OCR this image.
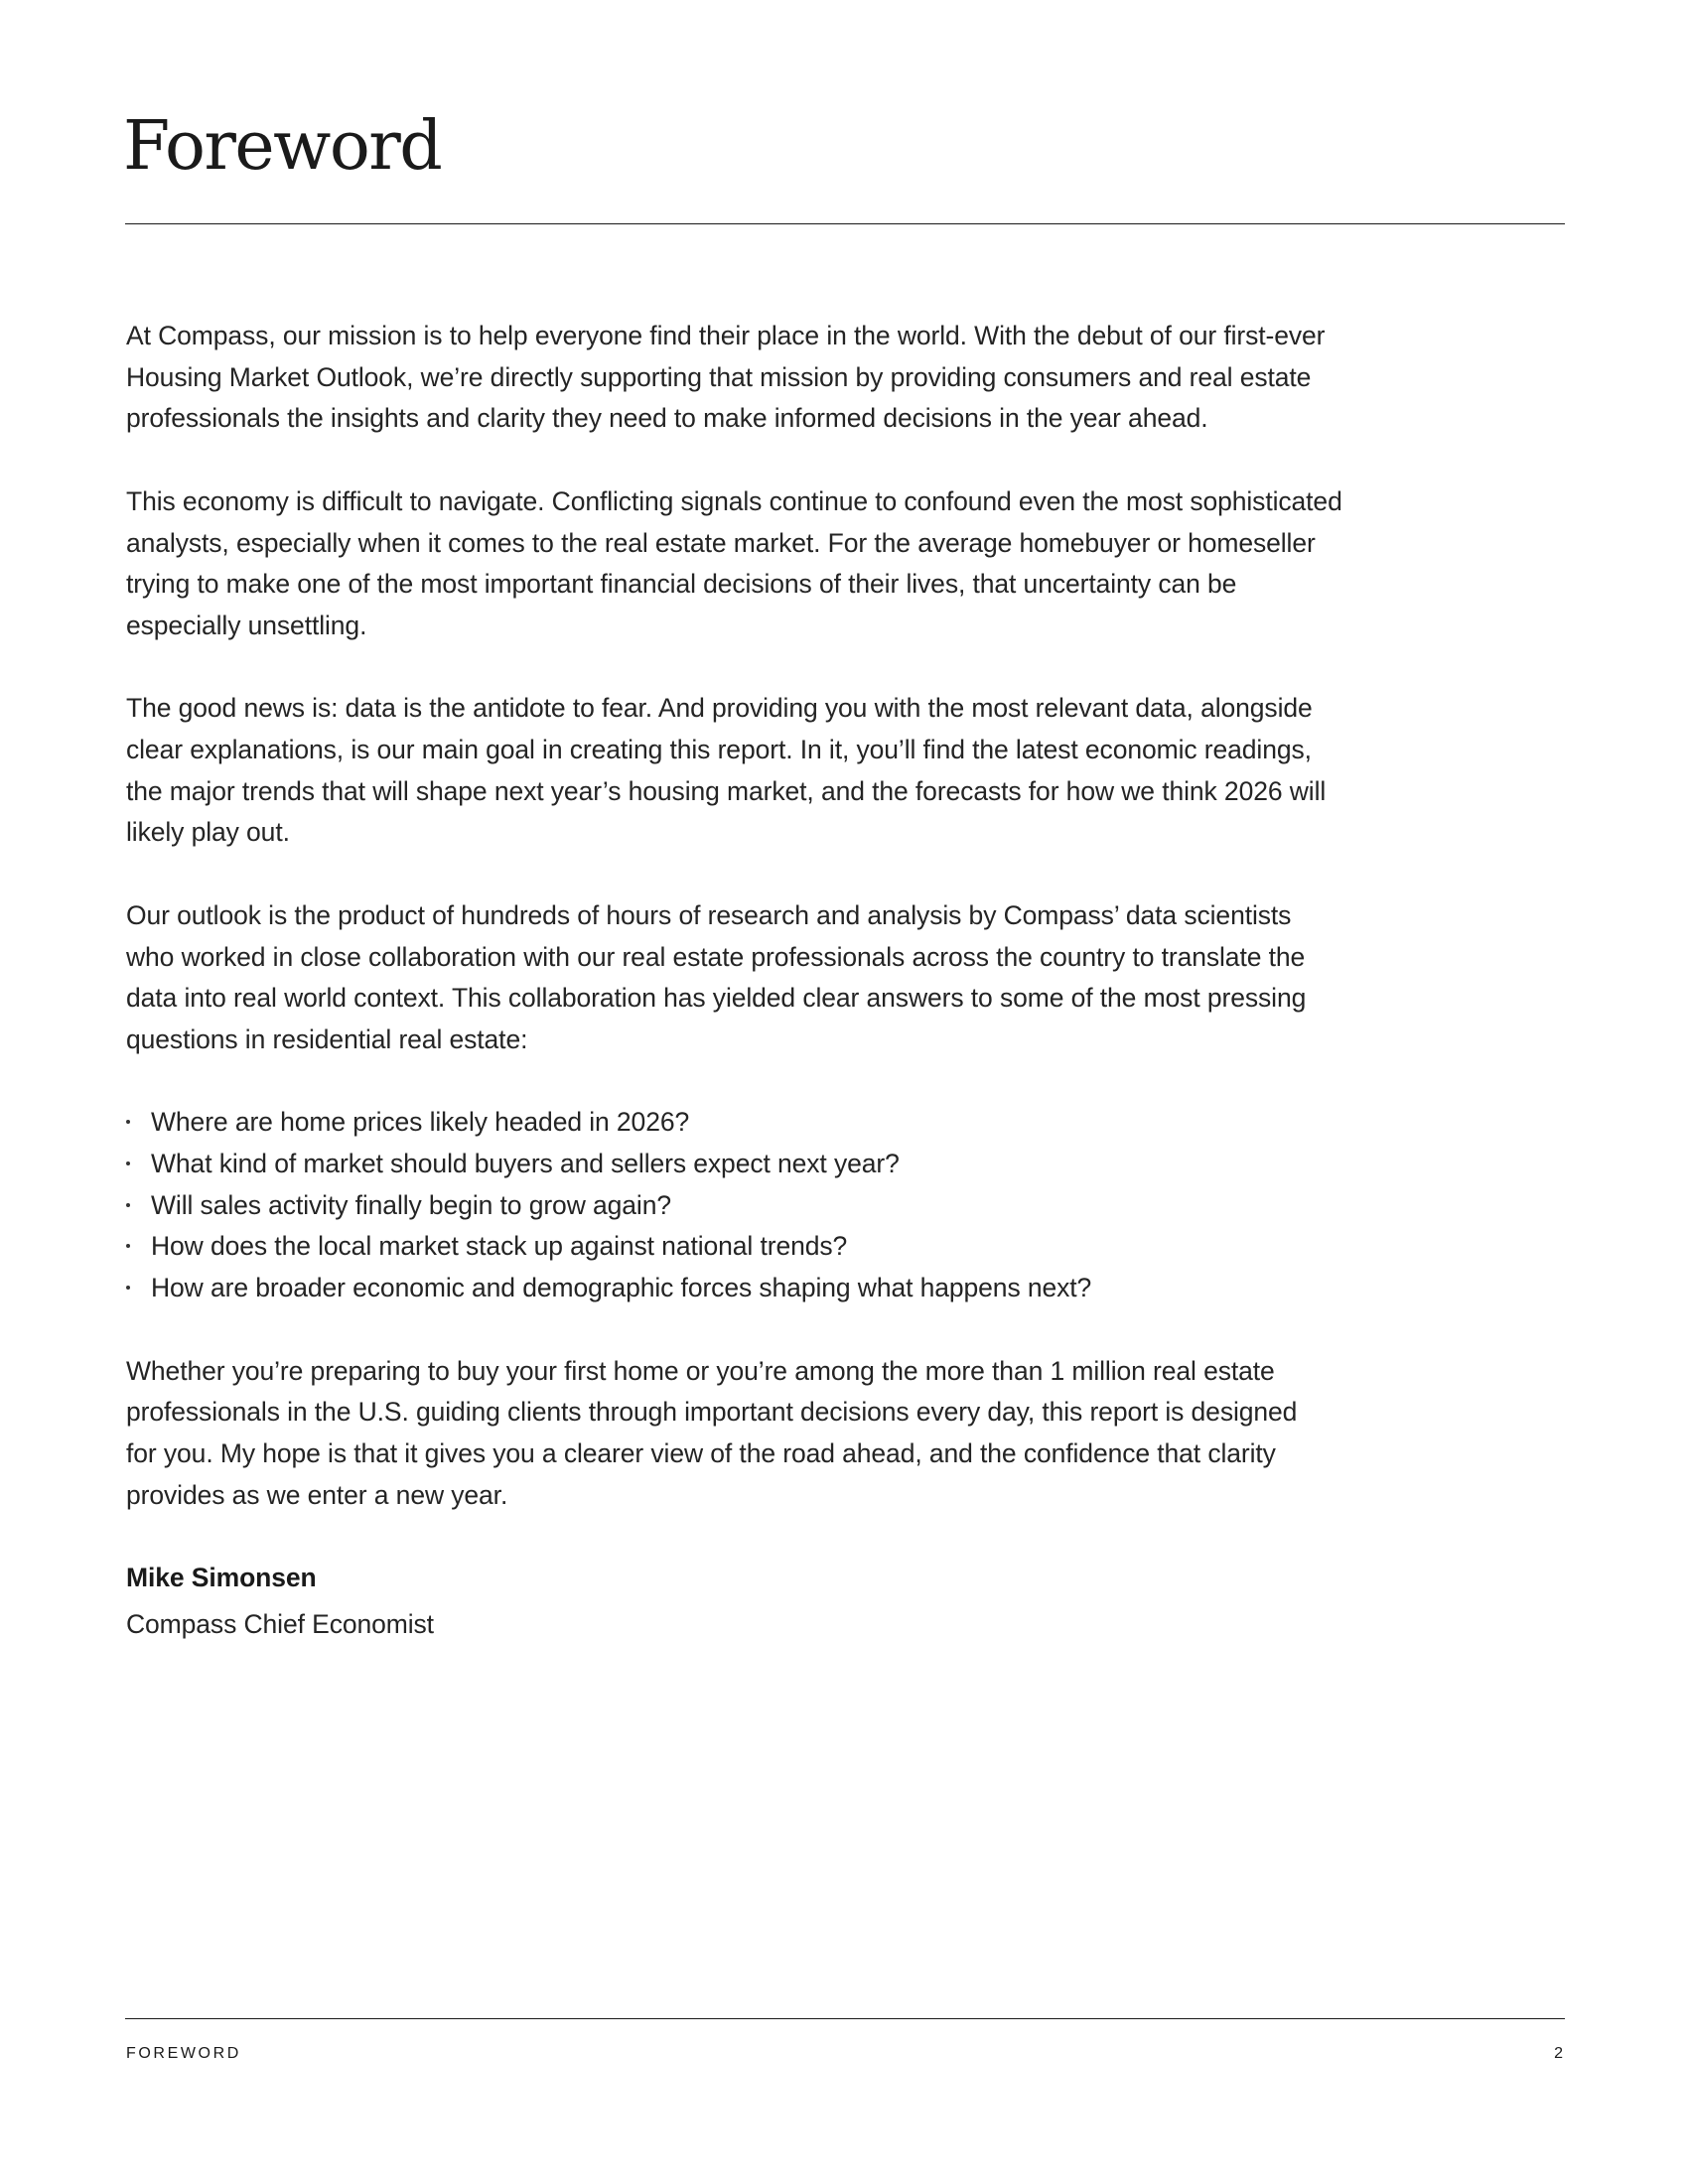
Foreword

At Compass, our mission is to help everyone find their place in the world. With the debut of our first-ever
Housing Market Outlook, we’re directly supporting that mission by providing consumers and real estate
professionals the insights and clarity they need to make informed decisions in the year ahead.

This economy is difficult to navigate. Conflicting signals continue to confound even the most sophisticated
analysts, especially when it comes to the real estate market. For the average homebuyer or homeseller
trying to make one of the most important financial decisions of their lives, that uncertainty can be
especially unsettling.

The good news is: data is the antidote to fear. And providing you with the most relevant data, alongside
clear explanations, is our main goal in creating this report. In it, you’ll find the latest economic readings,
the major trends that will shape next year’s housing market, and the forecasts for how we think 2026 will
likely play out.

Our outlook is the product of hundreds of hours of research and analysis by Compass’ data scientists
who worked in close collaboration with our real estate professionals across the country to translate the
data into real world context. This collaboration has yielded clear answers to some of the most pressing
questions in residential real estate:

Where are home prices likely headed in 2026?
What kind of market should buyers and sellers expect next year?
Will sales activity finally begin to grow again?
How does the local market stack up against national trends?
How are broader economic and demographic forces shaping what happens next?

Whether you’re preparing to buy your first home or you’re among the more than 1 million real estate
professionals in the U.S. guiding clients through important decisions every day, this report is designed
for you. My hope is that it gives you a clearer view of the road ahead, and the confidence that clarity
provides as we enter a new year.

Mike Simonsen

Compass Chief Economist

FOREWORD	2
